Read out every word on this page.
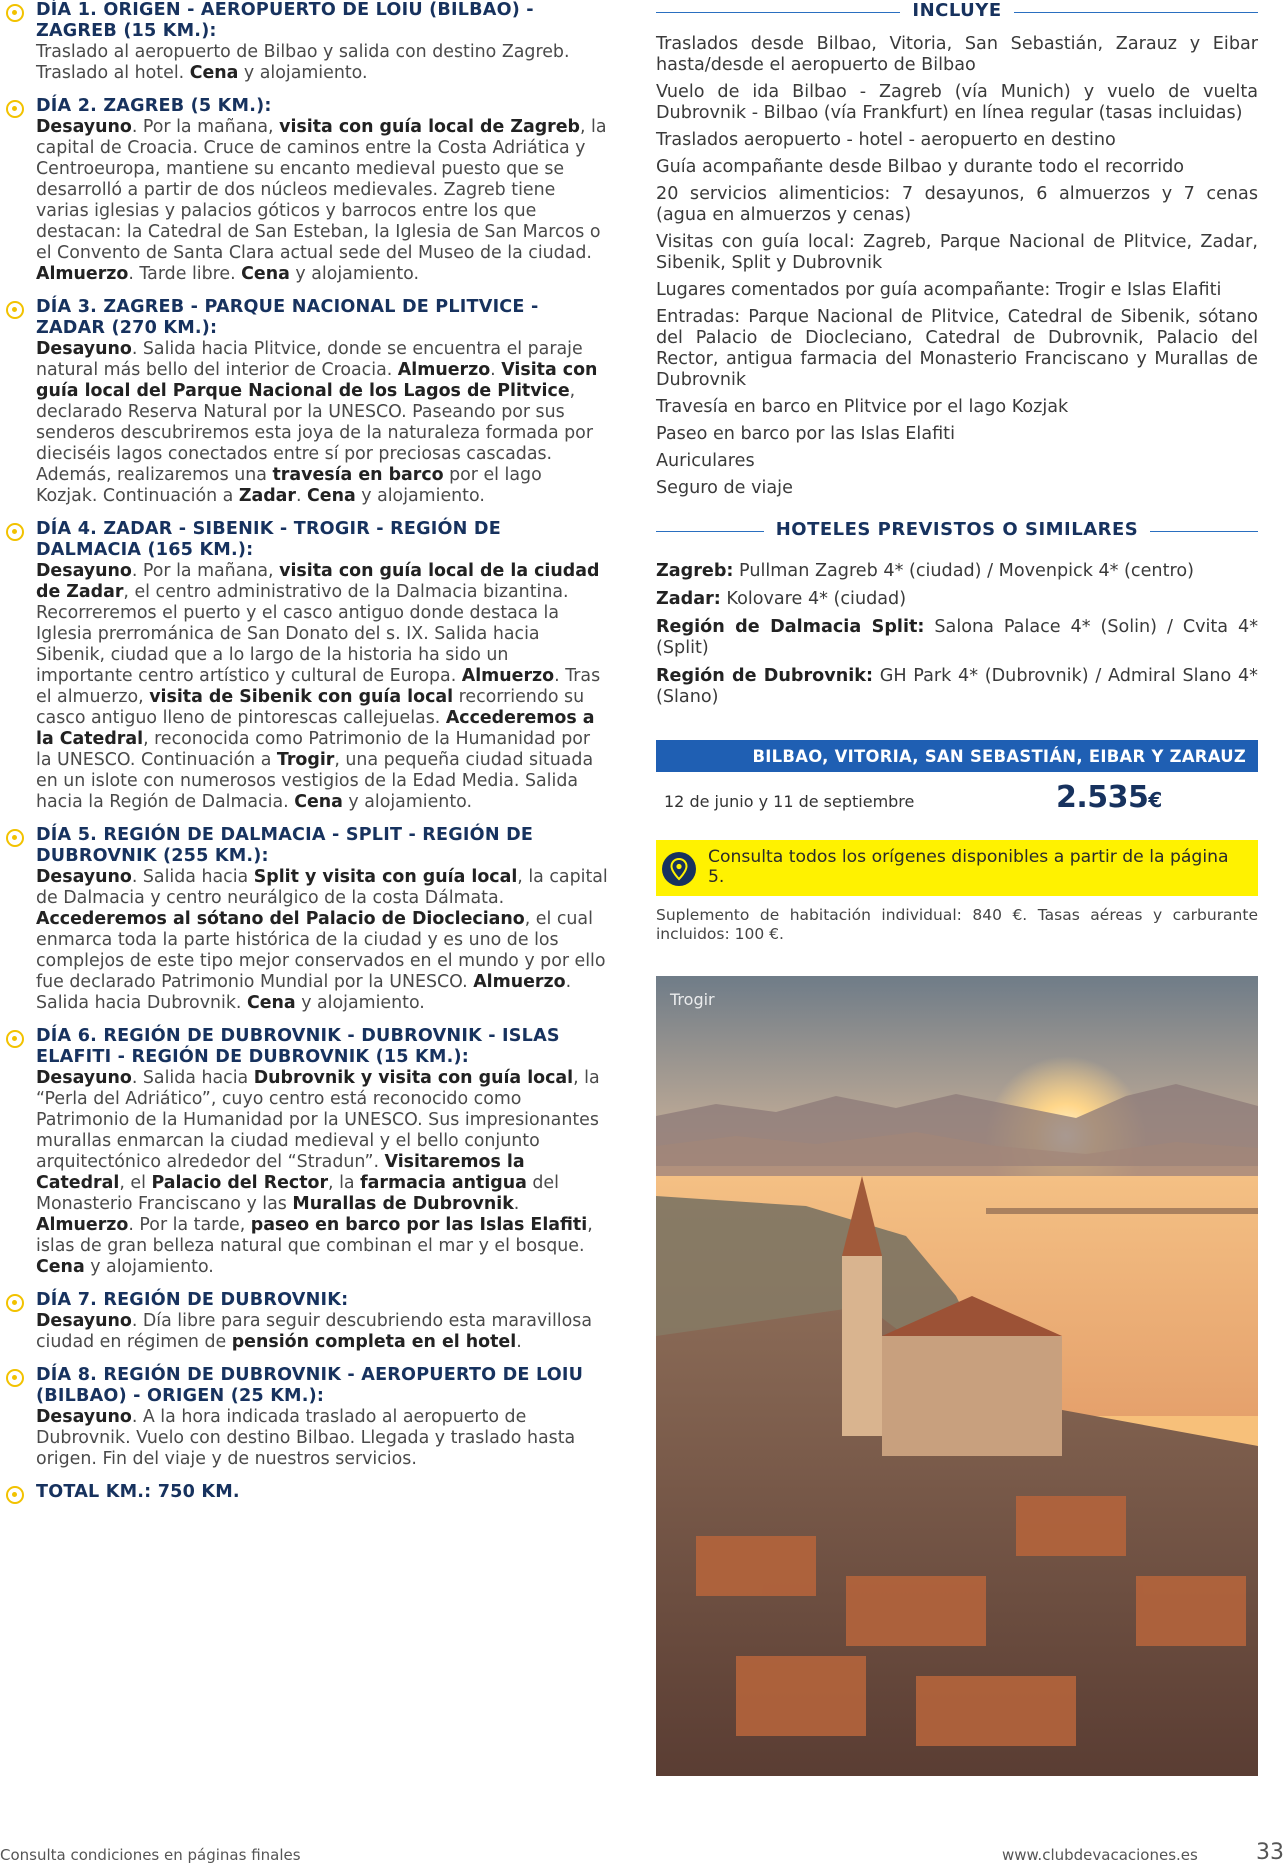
DÍA 1. ORIGEN - AEROPUERTO DE LOIU (BILBAO) - ZAGREB (15 KM.):
Traslado al aeropuerto de Bilbao y salida con destino Zagreb. Traslado al hotel. Cena y alojamiento.
DÍA 2. ZAGREB (5 KM.):
Desayuno. Por la mañana, visita con guía local de Zagreb, la capital de Croacia. Cruce de caminos entre la Costa Adriática y Centroeuropa, mantiene su encanto medieval puesto que se desarrolló a partir de dos núcleos medievales. Zagreb tiene varias iglesias y palacios góticos y barrocos entre los que destacan: la Catedral de San Esteban, la Iglesia de San Marcos o el Convento de Santa Clara actual sede del Museo de la ciudad. Almuerzo. Tarde libre. Cena y alojamiento.
DÍA 3. ZAGREB - PARQUE NACIONAL DE PLITVICE - ZADAR (270 KM.):
Desayuno. Salida hacia Plitvice, donde se encuentra el paraje natural más bello del interior de Croacia. Almuerzo. Visita con guía local del Parque Nacional de los Lagos de Plitvice, declarado Reserva Natural por la UNESCO. Paseando por sus senderos descubriremos esta joya de la naturaleza formada por dieciséis lagos conectados entre sí por preciosas cascadas. Además, realizaremos una travesía en barco por el lago Kozjak. Continuación a Zadar. Cena y alojamiento.
DÍA 4. ZADAR - SIBENIK - TROGIR - REGIÓN DE DALMACIA (165 KM.):
Desayuno. Por la mañana, visita con guía local de la ciudad de Zadar, el centro administrativo de la Dalmacia bizantina. Recorreremos el puerto y el casco antiguo donde destaca la Iglesia prerrománica de San Donato del s. IX. Salida hacia Sibenik, ciudad que a lo largo de la historia ha sido un importante centro artístico y cultural de Europa. Almuerzo. Tras el almuerzo, visita de Sibenik con guía local recorriendo su casco antiguo lleno de pintorescas callejuelas. Accederemos a la Catedral, reconocida como Patrimonio de la Humanidad por la UNESCO. Continuación a Trogir, una pequeña ciudad situada en un islote con numerosos vestigios de la Edad Media. Salida hacia la Región de Dalmacia. Cena y alojamiento.
DÍA 5. REGIÓN DE DALMACIA - SPLIT - REGIÓN DE DUBROVNIK (255 KM.):
Desayuno. Salida hacia Split y visita con guía local, la capital de Dalmacia y centro neurálgico de la costa Dálmata. Accederemos al sótano del Palacio de Diocleciano, el cual enmarca toda la parte histórica de la ciudad y es uno de los complejos de este tipo mejor conservados en el mundo y por ello fue declarado Patrimonio Mundial por la UNESCO. Almuerzo. Salida hacia Dubrovnik. Cena y alojamiento.
DÍA 6. REGIÓN DE DUBROVNIK - DUBROVNIK - ISLAS ELAFITI - REGIÓN DE DUBROVNIK (15 KM.):
Desayuno. Salida hacia Dubrovnik y visita con guía local, la “Perla del Adriático”, cuyo centro está reconocido como Patrimonio de la Humanidad por la UNESCO. Sus impresionantes murallas enmarcan la ciudad medieval y el bello conjunto arquitectónico alrededor del “Stradun”. Visitaremos la Catedral, el Palacio del Rector, la farmacia antigua del Monasterio Franciscano y las Murallas de Dubrovnik. Almuerzo. Por la tarde, paseo en barco por las Islas Elafiti, islas de gran belleza natural que combinan el mar y el bosque. Cena y alojamiento.
DÍA 7. REGIÓN DE DUBROVNIK:
Desayuno. Día libre para seguir descubriendo esta maravillosa ciudad en régimen de pensión completa en el hotel.
DÍA 8. REGIÓN DE DUBROVNIK - AEROPUERTO DE LOIU (BILBAO) - ORIGEN (25 KM.):
Desayuno. A la hora indicada traslado al aeropuerto de Dubrovnik. Vuelo con destino Bilbao. Llegada y traslado hasta origen. Fin del viaje y de nuestros servicios.
TOTAL KM.: 750 KM.
INCLUYE
Traslados desde Bilbao, Vitoria, San Sebastián, Zarauz y Eibar hasta/desde el aeropuerto de Bilbao
Vuelo de ida Bilbao - Zagreb (vía Munich) y vuelo de vuelta Dubrovnik - Bilbao (vía Frankfurt) en línea regular (tasas incluidas)
Traslados aeropuerto - hotel - aeropuerto en destino
Guía acompañante desde Bilbao y durante todo el recorrido
20 servicios alimenticios: 7 desayunos, 6 almuerzos y 7 cenas (agua en almuerzos y cenas)
Visitas con guía local: Zagreb, Parque Nacional de Plitvice, Zadar, Sibenik, Split y Dubrovnik
Lugares comentados por guía acompañante: Trogir e Islas Elafiti
Entradas: Parque Nacional de Plitvice, Catedral de Sibenik, sótano del Palacio de Diocleciano, Catedral de Dubrovnik, Palacio del Rector, antigua farmacia del Monasterio Franciscano y Murallas de Dubrovnik
Travesía en barco en Plitvice por el lago Kozjak
Paseo en barco por las Islas Elafiti
Auriculares
Seguro de viaje
HOTELES PREVISTOS O SIMILARES
Zagreb: Pullman Zagreb 4* (ciudad) / Movenpick 4* (centro)
Zadar: Kolovare 4* (ciudad)
Región de Dalmacia Split: Salona Palace 4* (Solin) / Cvita 4* (Split)
Región de Dubrovnik: GH Park 4* (Dubrovnik) / Admiral Slano 4* (Slano)
BILBAO, VITORIA, SAN SEBASTIÁN, EIBAR Y ZARAUZ
12 de junio y 11 de septiembre	2.535€
Consulta todos los orígenes disponibles a partir de la página 5.

Suplemento de habitación individual: 840 €. Tasas aéreas y carburante incluidos: 100 €.

Trogir
Consulta condiciones en páginas finales	www.clubdevacaciones.es	33
